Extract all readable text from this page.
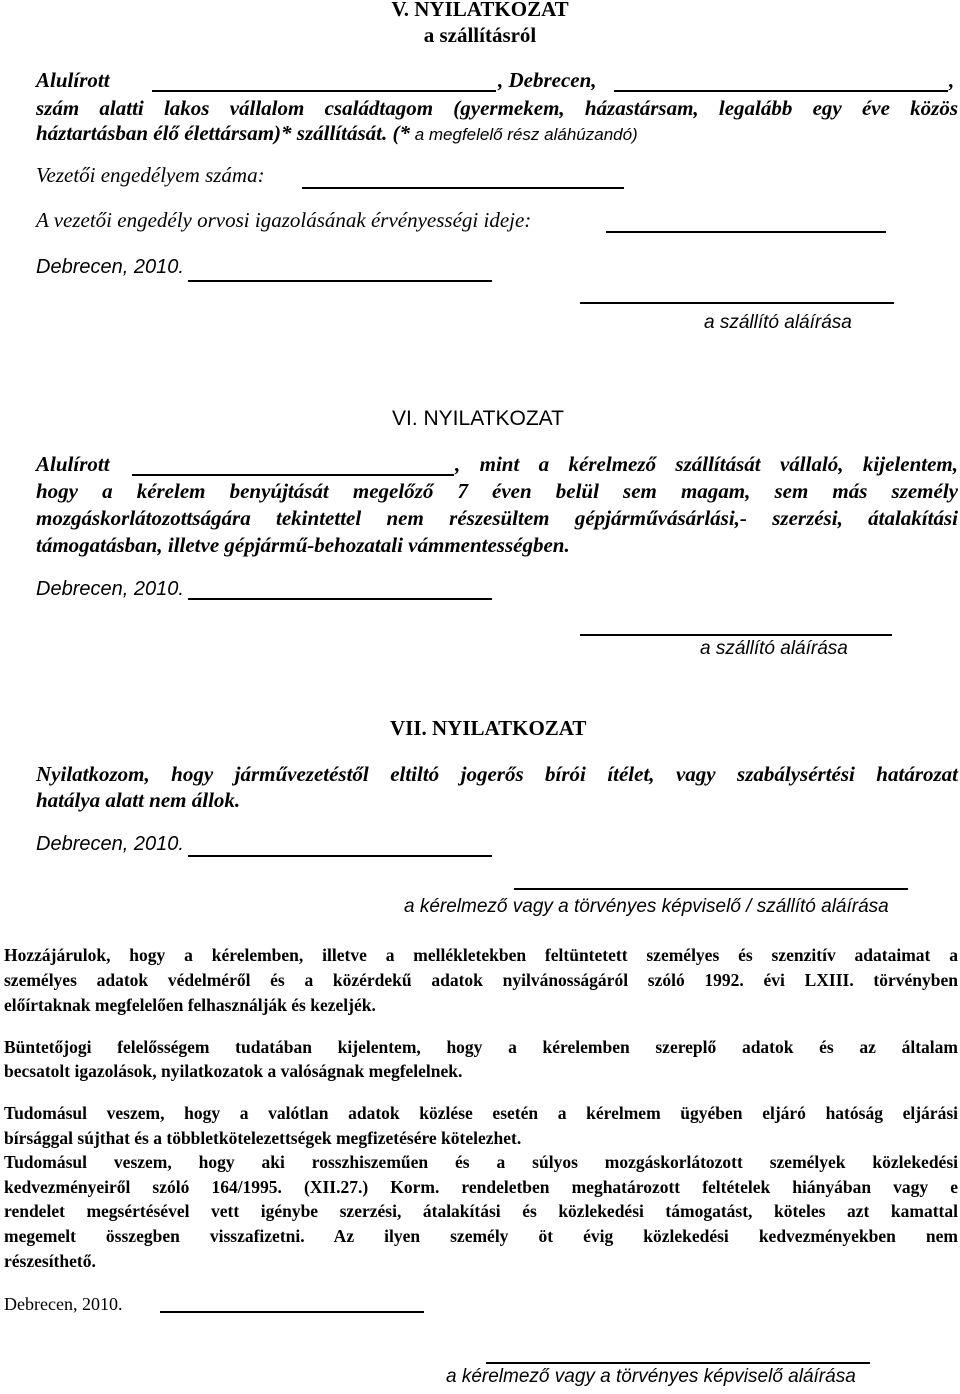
V. NYILATKOZAT
a szállításról
Alulírott	, Debrecen,	,
szám alatti lakos vállalom családtagom (gyermekem, házastársam, legalább egy éve közös
háztartásban élő élettársam)* szállítását. (* a megfelelő rész aláhúzandó)
Vezetői engedélyem száma:
A vezetői engedély orvosi igazolásának érvényességi ideje:
Debrecen, 2010.
a szállító aláírása
VI. NYILATKOZAT
Alulírott	, mint a kérelmező szállítását vállaló, kijelentem,
hogy a kérelem benyújtását megelőző 7 éven belül sem magam, sem más személy
mozgáskorlátozottságára tekintettel nem részesültem gépjárművásárlási,- szerzési, átalakítási
támogatásban, illetve gépjármű-behozatali vámmentességben.
Debrecen, 2010.
a szállító aláírása
VII. NYILATKOZAT
Nyilatkozom, hogy járművezetéstől eltiltó jogerős bírói ítélet, vagy szabálysértési határozat
hatálya alatt nem állok.
Debrecen, 2010.
a kérelmező vagy a törvényes képviselő / szállító aláírása
Hozzájárulok, hogy a kérelemben, illetve a mellékletekben feltüntetett személyes és szenzitív adataimat a
személyes adatok védelméről és a közérdekű adatok nyilvánosságáról szóló 1992. évi LXIII. törvényben
előírtaknak megfelelően felhasználják és kezeljék.
Büntetőjogi felelősségem tudatában kijelentem, hogy a kérelemben szereplő adatok és az általam
becsatolt igazolások, nyilatkozatok a valóságnak megfelelnek.
Tudomásul veszem, hogy a valótlan adatok közlése esetén a kérelmem ügyében eljáró hatóság eljárási
bírsággal sújthat és a többletkötelezettségek megfizetésére kötelezhet.
Tudomásul veszem, hogy aki rosszhiszeműen és a súlyos mozgáskorlátozott személyek közlekedési
kedvezményeiről szóló 164/1995. (XII.27.) Korm. rendeletben meghatározott feltételek hiányában vagy e
rendelet megsértésével vett igénybe szerzési, átalakítási és közlekedési támogatást, köteles azt kamattal
megemelt összegben visszafizetni. Az ilyen személy öt évig közlekedési kedvezményekben nem
részesíthető.
Debrecen, 2010.
a kérelmező vagy a törvényes képviselő aláírása
